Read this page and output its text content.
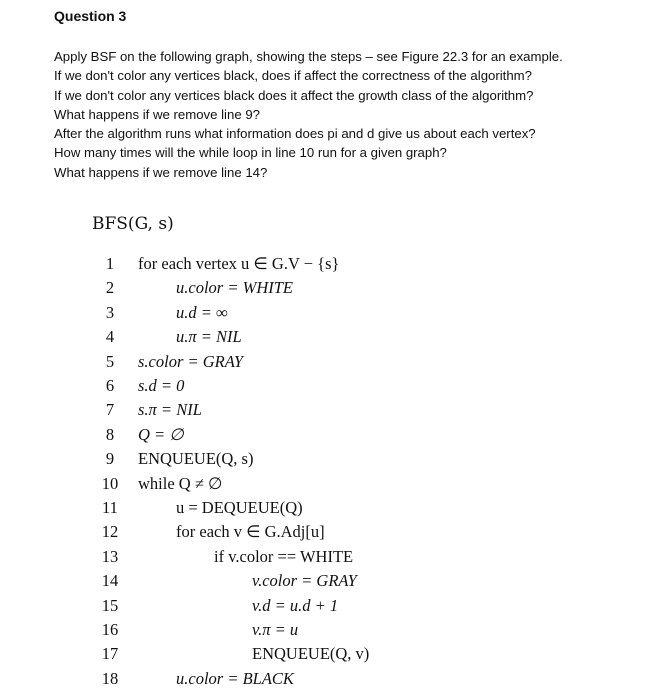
Question 3
Apply BSF on the following graph, showing the steps – see Figure 22.3 for an example.
If we don't color any vertices black, does if affect the correctness of the algorithm?
If we don't color any vertices black does it affect the growth class of the algorithm?
What happens if we remove line 9?
After the algorithm runs what information does pi and d give us about each vertex?
How many times will the while loop in line 10 run for a given graph?
What happens if we remove line 14?
BFS(G, s)
1	for each vertex u ∈ G.V − {s}
2	u.color = WHITE
3	u.d = ∞
4	u.π = NIL
5	s.color = GRAY
6	s.d = 0
7	s.π = NIL
8	Q = ∅
9	ENQUEUE(Q, s)
10	while Q ≠ ∅
11	u = DEQUEUE(Q)
12	for each v ∈ G.Adj[u]
13	if v.color == WHITE
14	v.color = GRAY
15	v.d = u.d + 1
16	v.π = u
17	ENQUEUE(Q, v)
18	u.color = BLACK
